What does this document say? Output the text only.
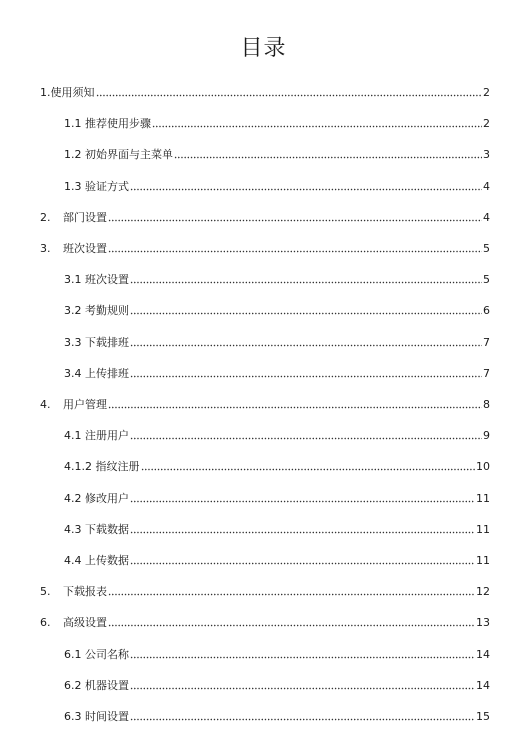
目录
1.使用须知	2
1.1 推荐使用步骤	2
1.2 初始界面与主菜单	3
1.3 验证方式	4
2.	部门设置	4
3.	班次设置	5
3.1 班次设置	5
3.2 考勤规则	6
3.3 下载排班	7
3.4 上传排班	7
4.	用户管理	8
4.1 注册用户	9
4.1.2 指纹注册	10
4.2 修改用户	11
4.3 下载数据	11
4.4 上传数据	11
5.	下载报表	12
6.	高级设置	13
6.1 公司名称	14
6.2 机器设置	14
6.3 时间设置	15
